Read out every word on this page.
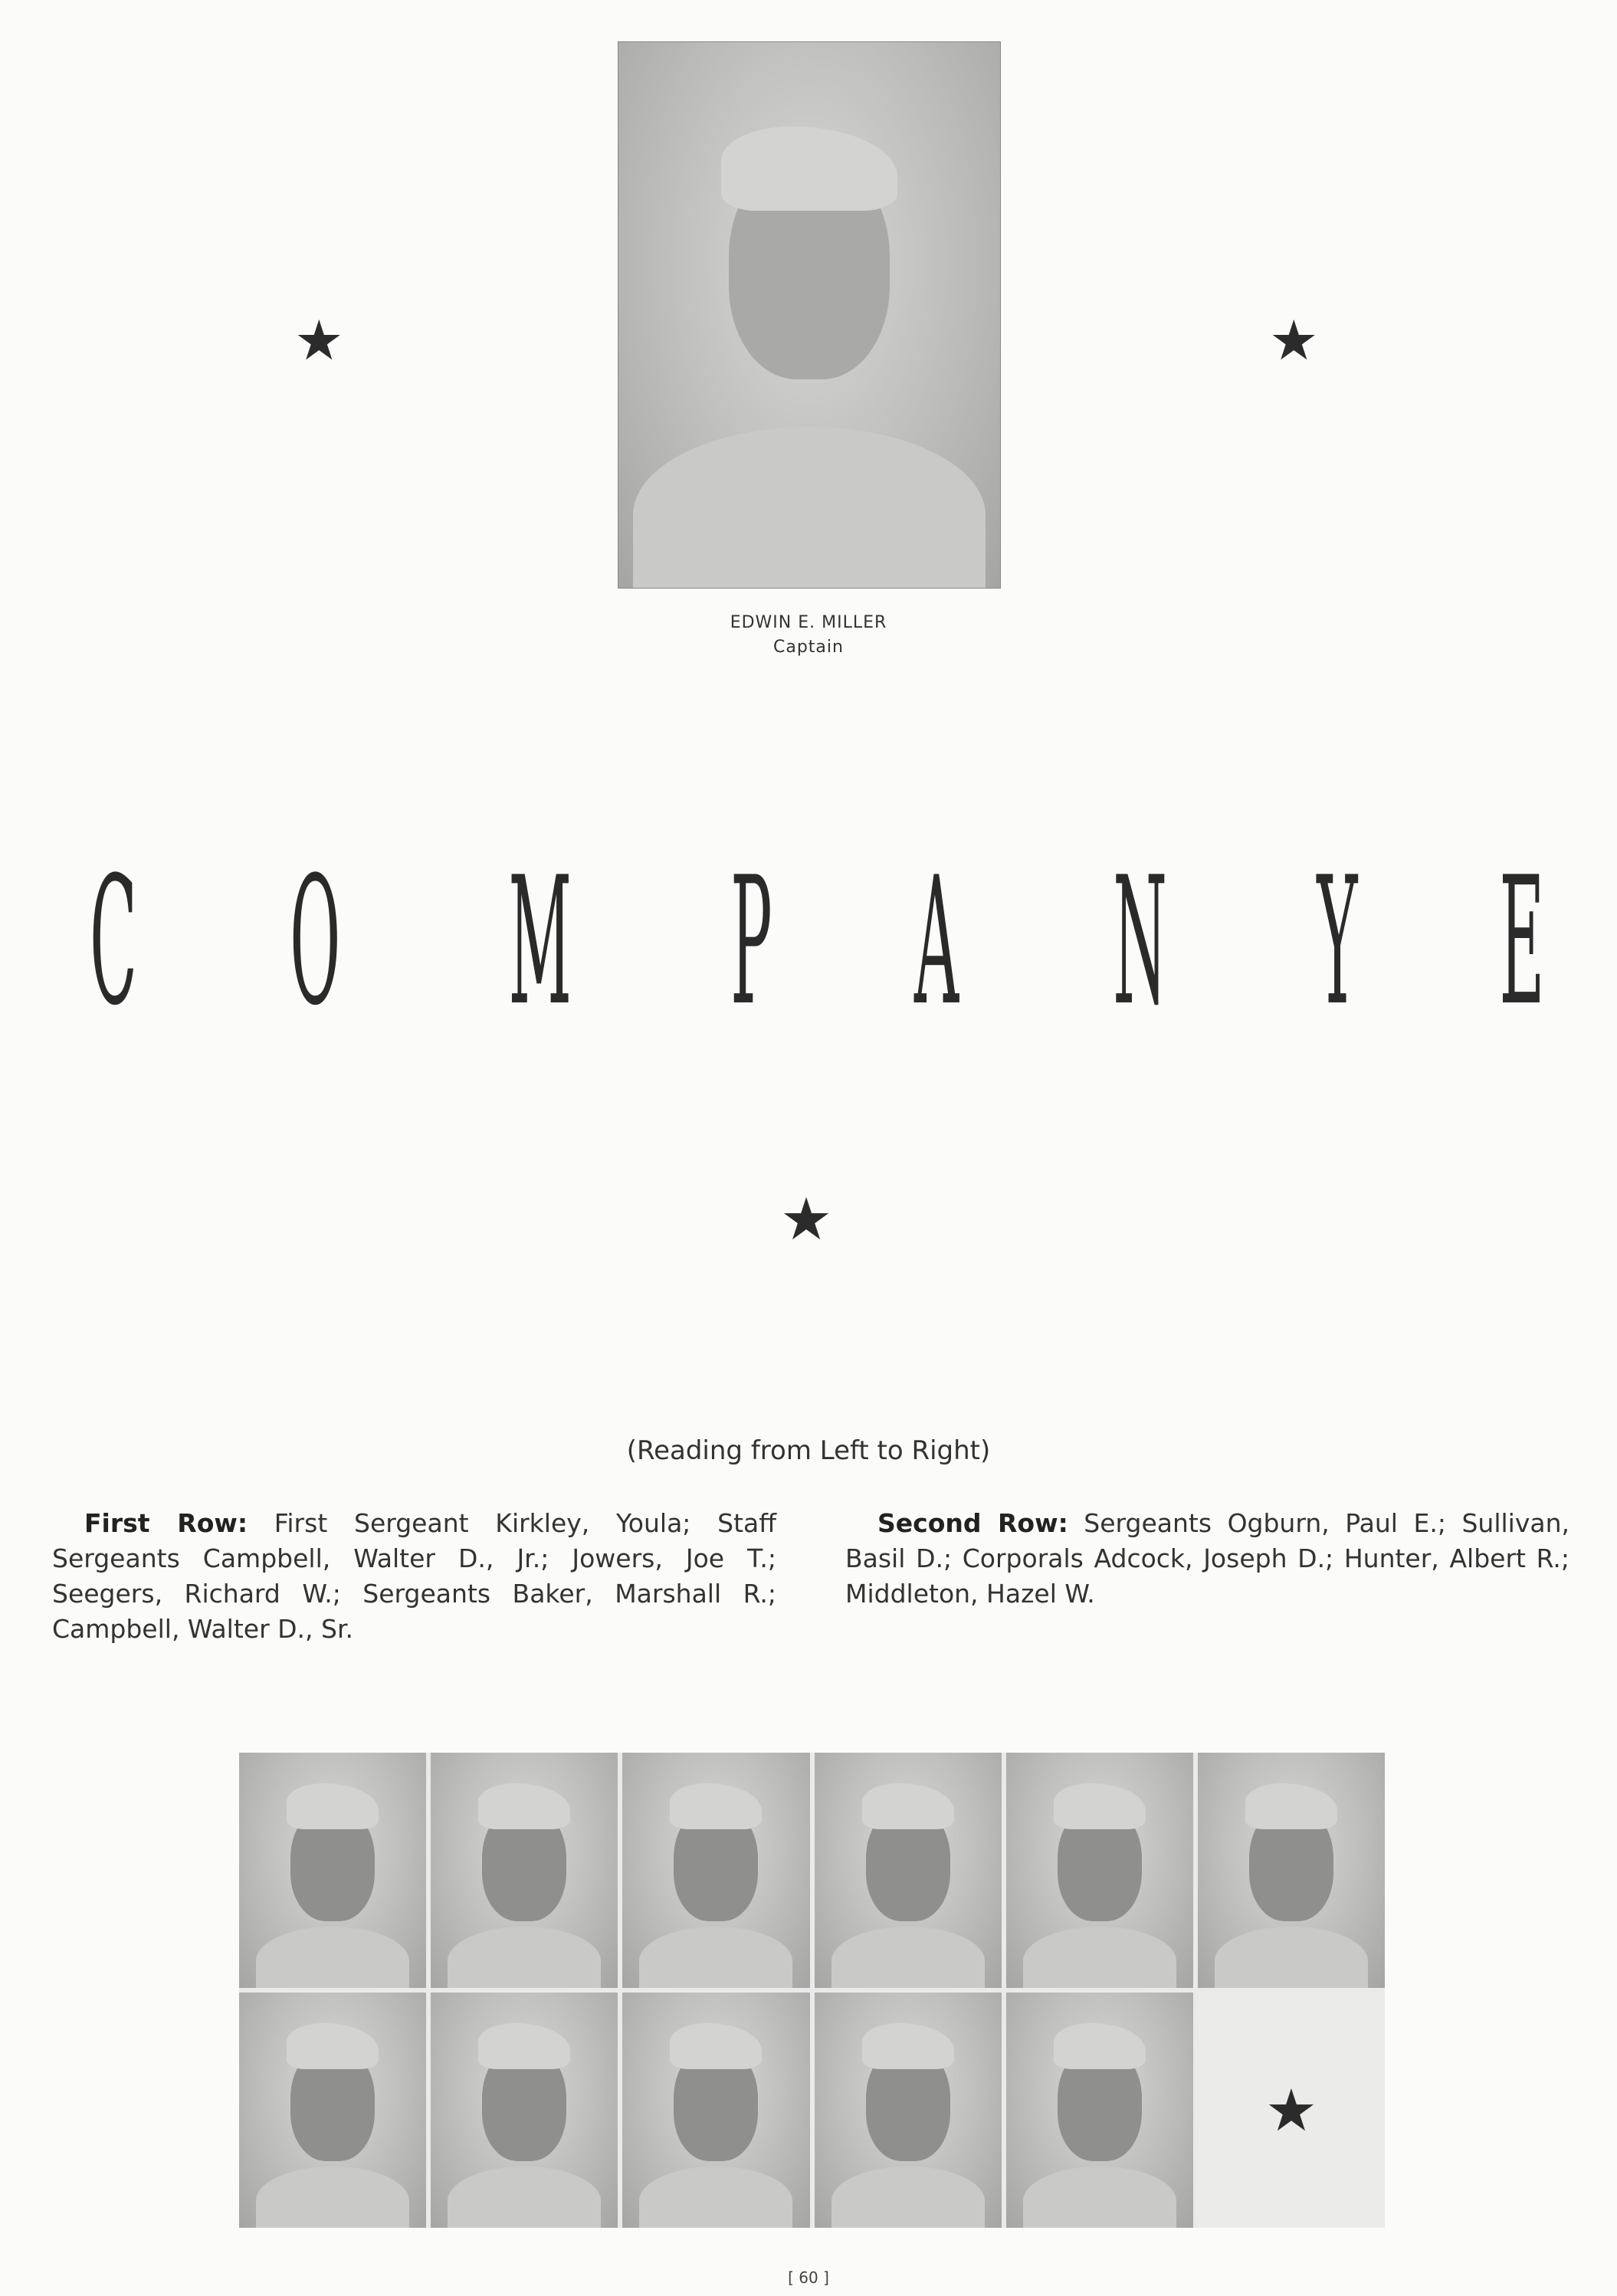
★	★
EDWIN E. MILLER
Captain
C O M P A N Y E
★
(Reading from Left to Right)
First Row: First Sergeant Kirkley, Youla; Staff Sergeants Campbell, Walter D., Jr.; Jowers, Joe T.; Seegers, Richard W.; Sergeants Baker, Marshall R.; Campbell, Walter D., Sr.
Second Row: Sergeants Ogburn, Paul E.; Sullivan, Basil D.; Corporals Adcock, Joseph D.; Hunter, Albert R.; Middleton, Hazel W.
★
[ 60 ]
